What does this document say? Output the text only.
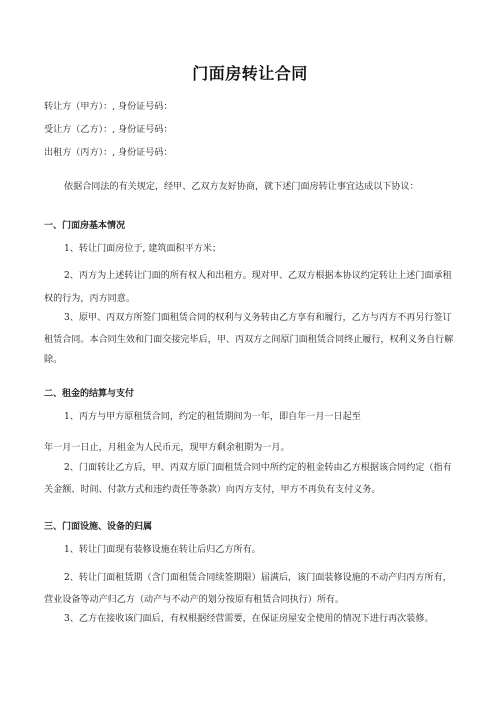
门面房转让合同
转让方（甲方）：, 身份证号码：
受让方（乙方）：, 身份证号码：
出租方（丙方）：, 身份证号码：
依据合同法的有关规定，经甲、乙双方友好协商，就下述门面房转让事宜达成以下协议：
一、门面房基本情况
1、转让门面房位于, 建筑面积平方米；
2、丙方为上述转让门面的所有权人和出租方。现对甲、乙双方根据本协议约定转让上述门面承租
权的行为，丙方同意。
3、原甲、丙双方所签门面租赁合同的权利与义务转由乙方享有和履行，乙方与丙方不再另行签订
租赁合同。本合同生效和门面交接完毕后，甲、丙双方之间原门面租赁合同终止履行，权利义务自行解
除。
二、租金的结算与支付
1、丙方与甲方原租赁合同，约定的租赁期间为一年，即自年一月一日起至
年一月一日止，月租金为人民币元，现甲方剩余租期为一月。
2、门面转让乙方后，甲、丙双方原门面租赁合同中所约定的租金转由乙方根据该合同约定（指有
关金额、时间、付款方式和违约责任等条款）向丙方支付，甲方不再负有支付义务。
三、门面设施、设备的归属
1、转让门面现有装修设施在转让后归乙方所有。
2、转让门面租赁期（含门面租赁合同续签期限）届满后，该门面装修设施的不动产归丙方所有，
营业设备等动产归乙方（动产与不动产的划分按原有租赁合同执行）所有。
3、乙方在接收该门面后，有权根据经营需要，在保证房屋安全使用的情况下进行再次装修。
